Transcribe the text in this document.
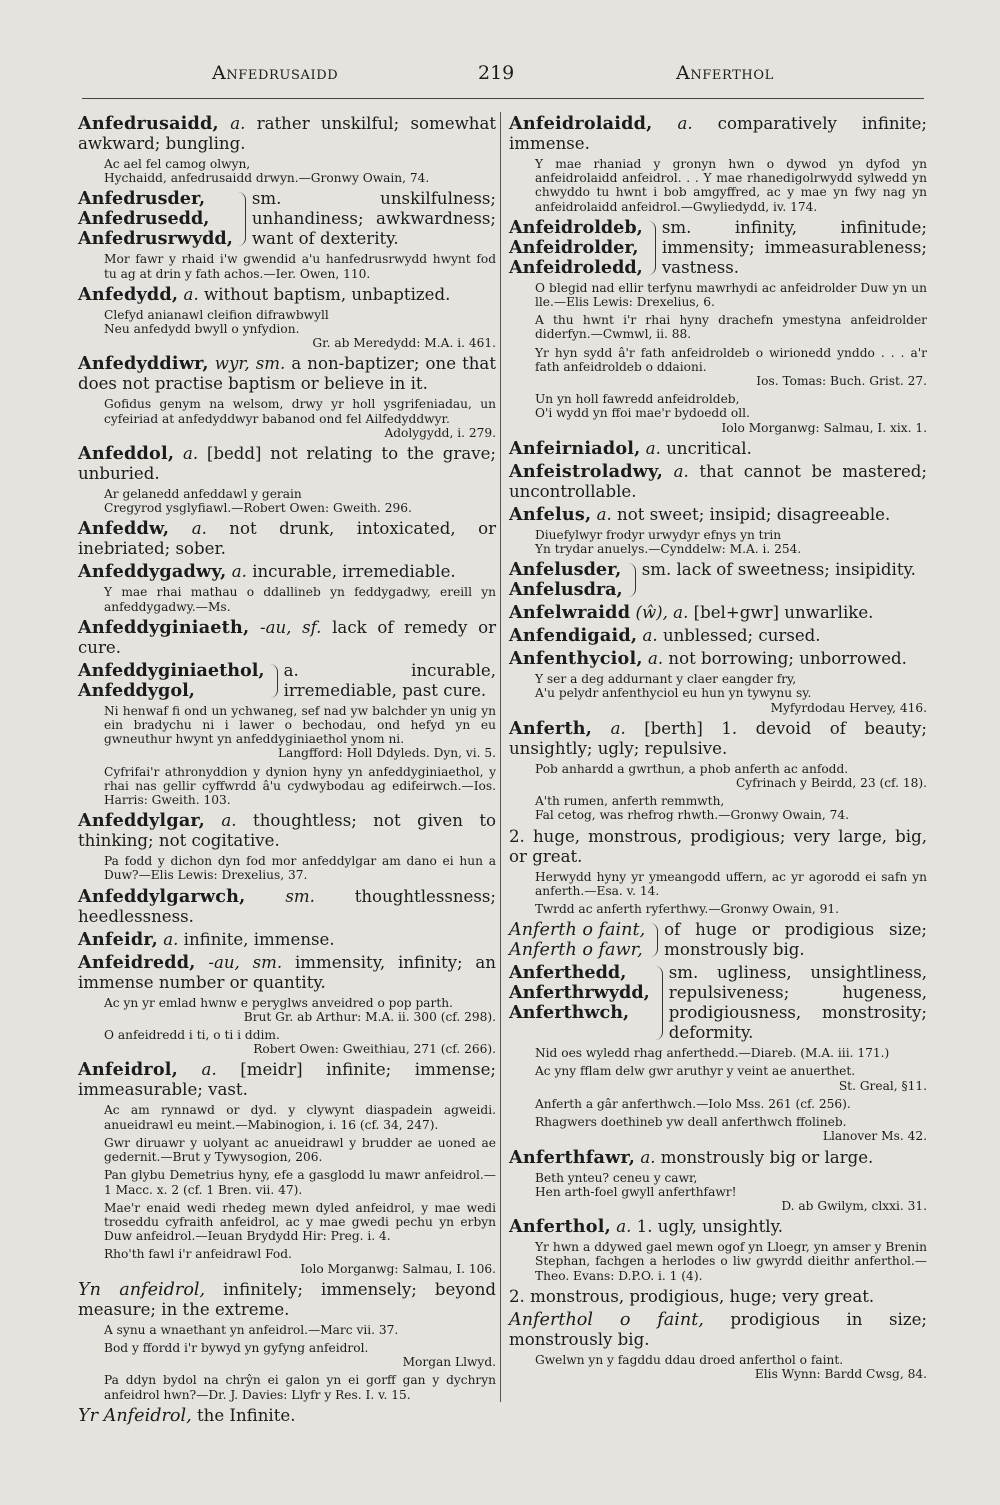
Anfedrusaidd	219	Anferthol

Anfedrusaidd, a. rather unskilful; somewhat awkward; bungling.

Ac ael fel camog olwyn,
Hychaidd, anfedrusaidd drwyn.—Gronwy Owain, 74.
Anfedrusder,
Anfedrusedd,
Anfedrusrwydd,
sm. unskilfulness; unhandiness; awkwardness; want of dexterity.
Mor fawr y rhaid i'w gwendid a'u hanfedrusrwydd hwynt fod tu ag at drin y fath achos.—Ier. Owen, 110.

Anfedydd, a. without baptism, unbaptized.

Clefyd anianawl cleifion difrawbwyll
Neu anfedydd bwyll o ynfydion.
Gr. ab Meredydd: M.A. i. 461.

Anfedyddiwr, wyr, sm. a non-baptizer; one that does not practise baptism or believe in it.

Gofidus genym na welsom, drwy yr holl ysgrifeniadau, un cyfeiriad at anfedyddwyr babanod ond fel Ailfedyddwyr.
Adolygydd, i. 279.

Anfeddol, a. [bedd] not relating to the grave; unburied.

Ar gelanedd anfeddawl y gerain
Cregyrod ysglyfiawl.—Robert Owen: Gweith. 296.

Anfeddw, a. not drunk, intoxicated, or inebriated; sober.

Anfeddygadwy, a. incurable, irremediable.

Y mae rhai mathau o ddallineb yn feddygadwy, ereill yn anfeddygadwy.—Ms.

Anfeddyginiaeth, -au, sf. lack of remedy or cure.

Anfeddyginiaethol,
Anfeddygol,
a. incurable, irremediable, past cure.
Ni henwaf fi ond un ychwaneg, sef nad yw balchder yn unig yn ein bradychu ni i lawer o bechodau, ond hefyd yn eu gwneuthur hwynt yn anfeddyginiaethol ynom ni.
Langfford: Holl Ddyleds. Dyn, vi. 5.
Cyfrifai'r athronyddion y dynion hyny yn anfeddyginiaethol, y rhai nas gellir cyffwrdd â'u cydwybodau ag edifeirwch.—Ios. Harris: Gweith. 103.

Anfeddylgar, a. thoughtless; not given to thinking; not cogitative.

Pa fodd y dichon dyn fod mor anfeddylgar am dano ei hun a Duw?—Elis Lewis: Drexelius, 37.

Anfeddylgarwch, sm. thoughtlessness; heedlessness.

Anfeidr, a. infinite, immense.

Anfeidredd, -au, sm. immensity, infinity; an immense number or quantity.

Ac yn yr emlad hwnw e peryglws anveidred o pop parth.
Brut Gr. ab Arthur: M.A. ii. 300 (cf. 298).
O anfeidredd i ti, o ti i ddim.
Robert Owen: Gweithiau, 271 (cf. 266).

Anfeidrol, a. [meidr] infinite; immense; immeasurable; vast.

Ac am rynnawd or dyd. y clywynt diaspadein agweidi. anueidrawl eu meint.—Mabinogion, i. 16 (cf. 34, 247).
Gwr diruawr y uolyant ac anueidrawl y brudder ae uoned ae gedernit.—Brut y Tywysogion, 206.
Pan glybu Demetrius hyny, efe a gasglodd lu mawr anfeidrol.—1 Macc. x. 2 (cf. 1 Bren. vii. 47).
Mae'r enaid wedi rhedeg mewn dyled anfeidrol, y mae wedi troseddu cyfraith anfeidrol, ac y mae gwedi pechu yn erbyn Duw anfeidrol.—Ieuan Brydydd Hir: Preg. i. 4.
Rho'th fawl i'r anfeidrawl Fod.
Iolo Morganwg: Salmau, I. 106.

Yn anfeidrol, infinitely; immensely; beyond measure; in the extreme.

A synu a wnaethant yn anfeidrol.—Marc vii. 37.
Bod y ffordd i'r bywyd yn gyfyng anfeidrol.
Morgan Llwyd.
Pa ddyn bydol na chrŷn ei galon yn ei gorff gan y dychryn anfeidrol hwn?—Dr. J. Davies: Llyfr y Res. I. v. 15.

Yr Anfeidrol, the Infinite.

Anfeidrolaidd, a. comparatively infinite; immense.

Y mae rhaniad y gronyn hwn o dywod yn dyfod yn anfeidrolaidd anfeidrol. . . Y mae rhanedigolrwydd sylwedd yn chwyddo tu hwnt i bob amgyffred, ac y mae yn fwy nag yn anfeidrolaidd anfeidrol.—Gwyliedydd, iv. 174.
Anfeidroldeb,
Anfeidrolder,
Anfeidroledd,
sm. infinity, infinitude; immensity; immeasurableness; vastness.
O blegid nad ellir terfynu mawrhydi ac anfeidrolder Duw yn un lle.—Elis Lewis: Drexelius, 6.
A thu hwnt i'r rhai hyny drachefn ymestyna anfeidrolder diderfyn.—Cwmwl, ii. 88.
Yr hyn sydd â'r fath anfeidroldeb o wirionedd ynddo . . . a'r fath anfeidroldeb o ddaioni.
Ios. Tomas: Buch. Grist. 27.
Un yn holl fawredd anfeidroldeb,
O'i wydd yn ffoi mae'r bydoedd oll.
Iolo Morganwg: Salmau, I. xix. 1.

Anfeirniadol, a. uncritical.

Anfeistroladwy, a. that cannot be mastered; uncontrollable.

Anfelus, a. not sweet; insipid; disagreeable.

Diuefylwyr frodyr urwydyr efnys yn trin
Yn trydar anuelys.—Cynddelw: M.A. i. 254.
Anfelusder,
Anfelusdra,
sm. lack of sweetness; insipidity.

Anfelwraidd (ŵ), a. [bel+gwr] unwarlike.

Anfendigaid, a. unblessed; cursed.

Anfenthyciol, a. not borrowing; unborrowed.

Y ser a deg addurnant y claer eangder fry,
A'u pelydr anfenthyciol eu hun yn tywynu sy.
Myfyrdodau Hervey, 416.

Anferth, a. [berth] 1. devoid of beauty; unsightly; ugly; repulsive.

Pob anhardd a gwrthun, a phob anferth ac anfodd.
Cyfrinach y Beirdd, 23 (cf. 18).
A'th rumen, anferth remmwth,
Fal cetog, was rhefrog rhwth.—Gronwy Owain, 74.

2. huge, monstrous, prodigious; very large, big, or great.

Herwydd hyny yr ymeangodd uffern, ac yr agorodd ei safn yn anferth.—Esa. v. 14.
Twrdd ac anferth ryferthwy.—Gronwy Owain, 91.
Anferth o faint,
Anferth o fawr,
of huge or prodigious size; monstrously big.
Anferthedd,
Anferthrwydd,
Anferthwch,
sm. ugliness, unsightliness, repulsiveness; hugeness, prodigiousness, monstrosity; deformity.
Nid oes wyledd rhag anferthedd.—Diareb. (M.A. iii. 171.)
Ac yny fflam delw gwr aruthyr y veint ae anuerthet.
St. Greal, §11.
Anferth a gâr anferthwch.—Iolo Mss. 261 (cf. 256).
Rhagwers doethineb yw deall anferthwch ffolineb.
Llanover Ms. 42.

Anferthfawr, a. monstrously big or large.

Beth ynteu? ceneu y cawr,
Hen arth-foel gwyll anferthfawr!
D. ab Gwilym, clxxi. 31.

Anferthol, a. 1. ugly, unsightly.

Yr hwn a ddywed gael mewn ogof yn Lloegr, yn amser y Brenin Stephan, fachgen a herlodes o liw gwyrdd dieithr anferthol.—Theo. Evans: D.P.O. i. 1 (4).

2. monstrous, prodigious, huge; very great.

Anferthol o faint, prodigious in size; monstrously big.

Gwelwn yn y fagddu ddau droed anferthol o faint.
Elis Wynn: Bardd Cwsg, 84.
